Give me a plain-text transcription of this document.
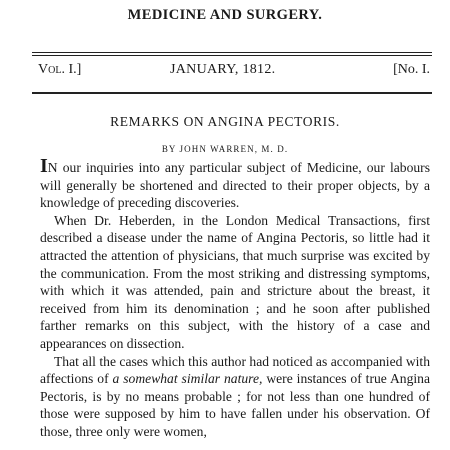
MEDICINE AND SURGERY.
Vol. I.]	JANUARY, 1812.	[No. I.
REMARKS ON ANGINA PECTORIS.
BY JOHN WARREN, M. D.

IN our inquiries into any particular subject of Medicine, our labours will generally be shortened and directed to their proper objects, by a knowledge of preceding discoveries.

When Dr. Heberden, in the London Medical Transactions, first described a disease under the name of Angina Pectoris, so little had it attracted the attention of physicians, that much surprise was excited by the communication. From the most striking and distressing symptoms, with which it was attended, pain and stricture about the breast, it received from him its denomination ; and he soon after published farther remarks on this subject, with the history of a case and appearances on dissection.

That all the cases which this author had noticed as accompanied with affections of a somewhat similar nature, were instances of true Angina Pectoris, is by no means probable ; for not less than one hundred of those were supposed by him to have fallen under his observation. Of those, three only were women,
